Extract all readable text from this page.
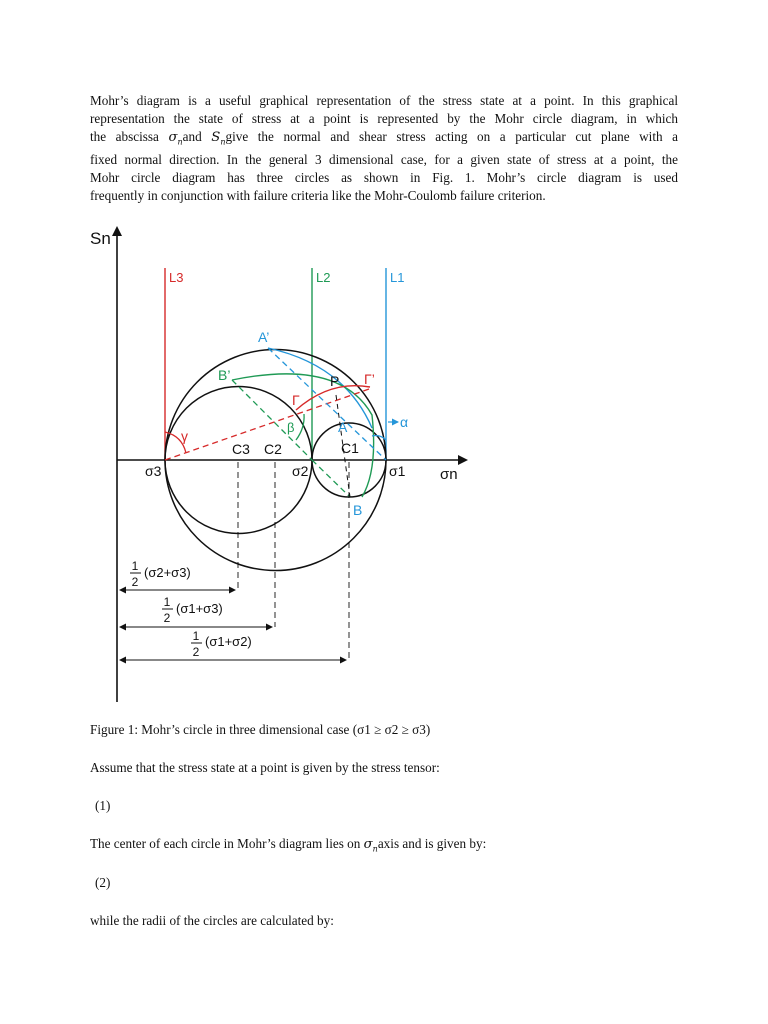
Mohr’s diagram is a useful graphical representation of the stress state at a point. In this graphical
representation the state of stress at a point is represented by the Mohr circle diagram, in which
the abscissa $\sigma_nand$ $S_ngive$ the normal and shear stress acting on a particular cut plane with a
fixed normal direction. In the general 3 dimensional case, for a given state of stress at a point, the
Mohr circle diagram has three circles as shown in Fig. 1. Mohr’s circle diagram is used
frequently in conjunction with failure criteria like the Mohr-Coulomb failure criterion.
1
2
(σ2+σ3)
1
2
(σ1+σ3)
1
2
(σ1+σ2)
Sn
σn
L3	L2	L1
A’
B’	P Γ’
Γ
α
β
γ
A
B
C3 C2	C1
σ3	σ2	σ1
Figure 1: Mohr’s circle in three dimensional case (σ1 ≥ σ2 ≥ σ3)
Assume that the stress state at a point is given by the stress tensor:
(1)
The center of each circle in Mohr’s diagram lies on $\sigma_naxis$ and is given by:
(2)
while the radii of the circles are calculated by:
